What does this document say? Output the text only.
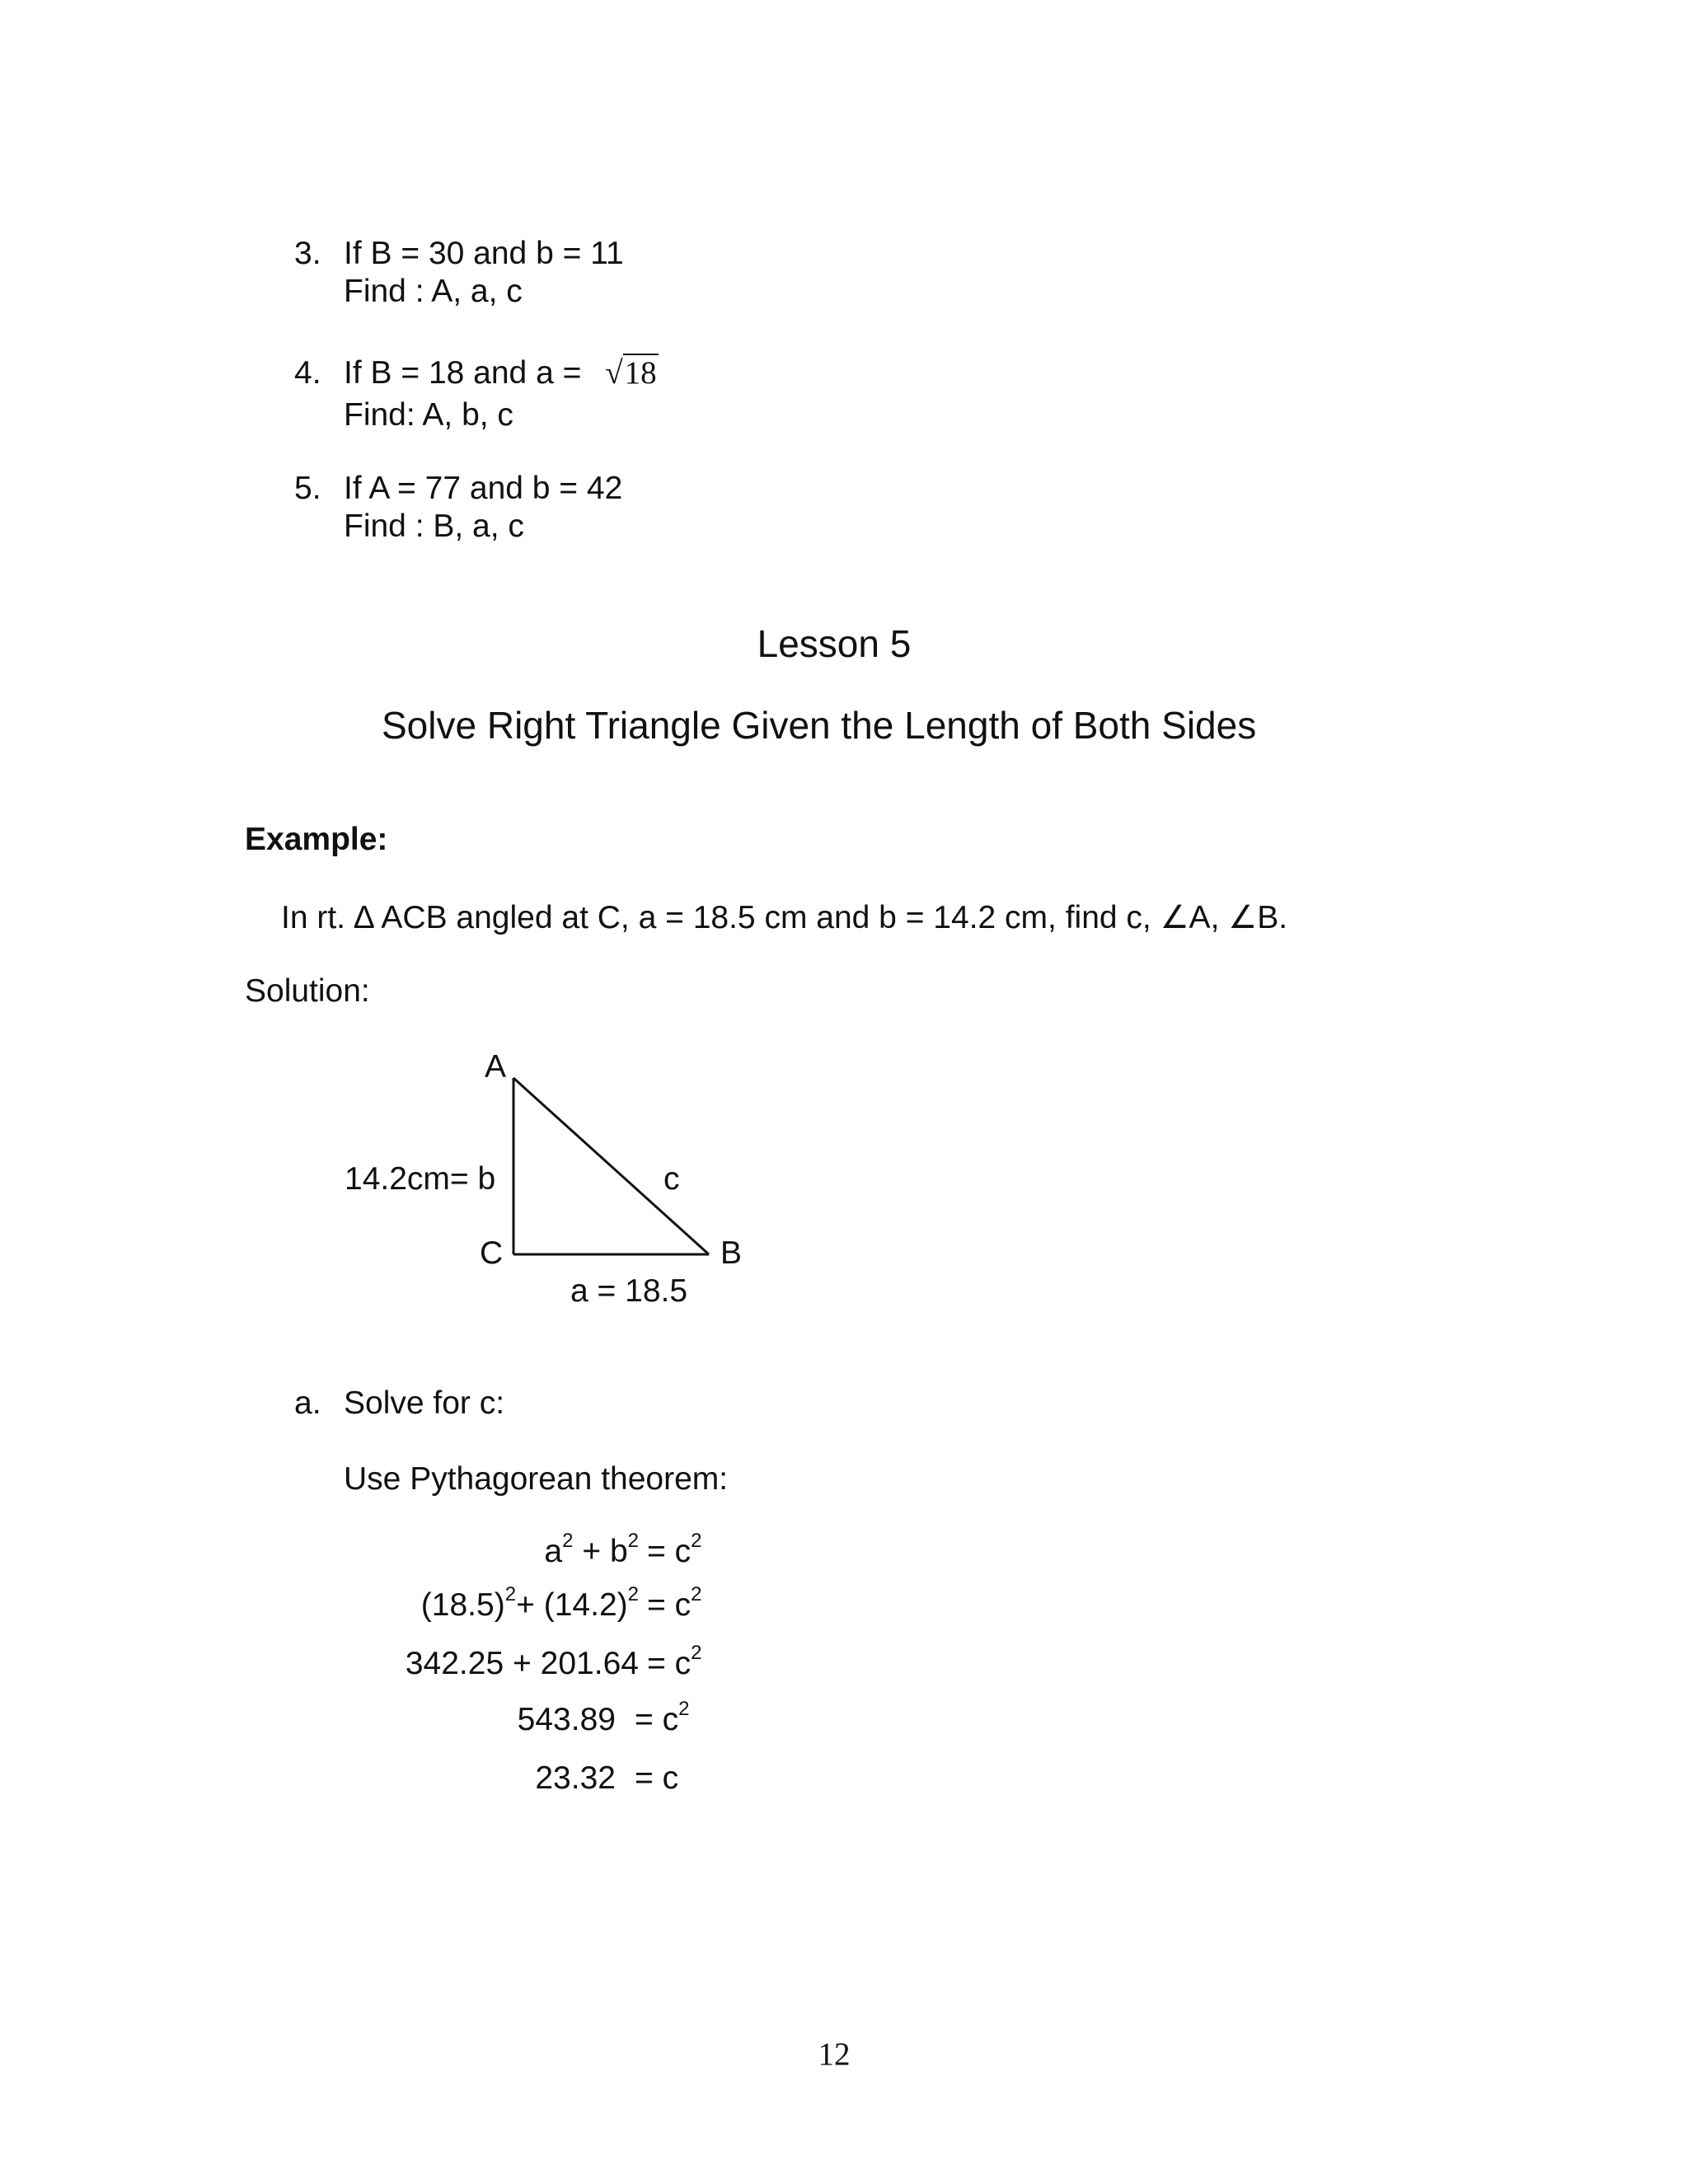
3. If B = 30 and b = 11
Find : A, a, c
4. If B = 18 and a = √18
Find: A, b, c
5. If A = 77 and b = 42
Find : B, a, c
Lesson 5
Solve Right Triangle Given the Length of Both Sides
Example:
In rt. ∆ ACB angled at C, a = 18.5 cm and b = 14.2 cm, find c, ∠A, ∠B.
Solution:
A
14.2cm= b	c
C	B
a = 18.5
a. Solve for c:
Use Pythagorean theorem:
$a^2 + b^2 = c^2$
$(18.5)^2+ (14.2)^2 = c^2$
$342.25 + 201.64 = c^2$
$543.89 = c^2$
23.32 = c
12
